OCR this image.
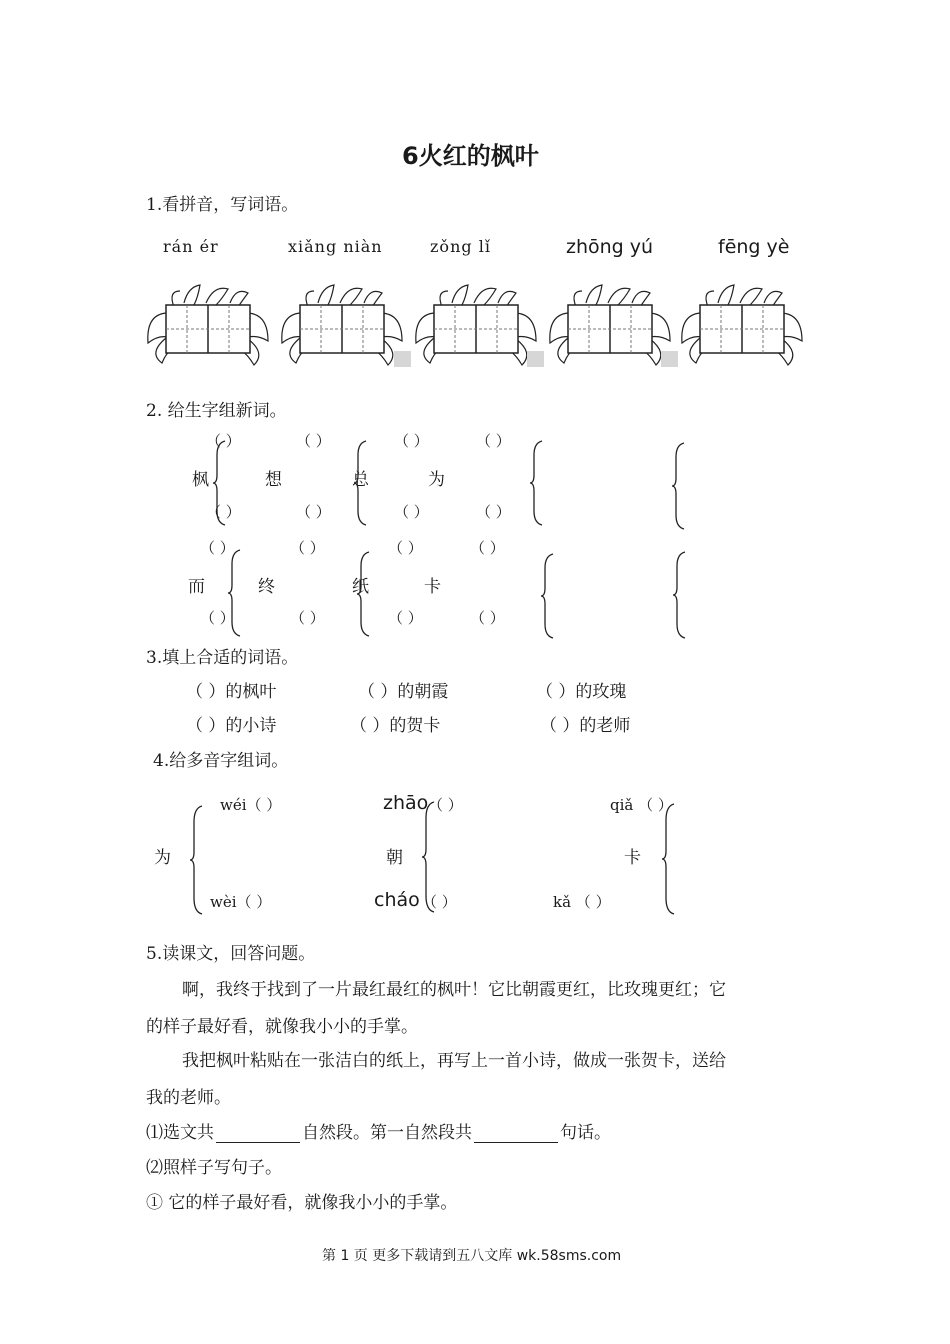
6火红的枫叶
1.看拼音，写词语。
rán ér	xiǎng niàn	zǒng lǐ	zhōng yú	fēng yè
2. 给生字组新词。
（ ）	（ ）	（ ）	（ ）
枫	想	总	为
（ ）	（ ）	（ ）	（ ）
（ ）	（ ）	（ ）	（ ）
而	终	纸	卡
（ ）	（ ）	（ ）	（ ）
3.填上合适的词语。
（ ）的枫叶	（ ）的朝霞	（ ）的玫瑰
（ ）的小诗	（ ）的贺卡	（ ）的老师
4.给多音字组词。
wéi（ ）	zhāo （ ）	qiǎ （ ）
为	朝	卡
wèi（ ）	cháo （ ）	kǎ （ ）
5.读课文，回答问题。
啊，我终于找到了一片最红最红的枫叶！它比朝霞更红，比玫瑰更红；它
的样子最好看，就像我小小的手掌。
我把枫叶粘贴在一张洁白的纸上，再写上一首小诗，做成一张贺卡，送给
我的老师。
⑴选文共	自然段。第一自然段共	句话。
⑵照样子写句子。
① 它的样子最好看，就像我小小的手掌。
第 1 页 更多下载请到五八文库 wk.58sms.com
